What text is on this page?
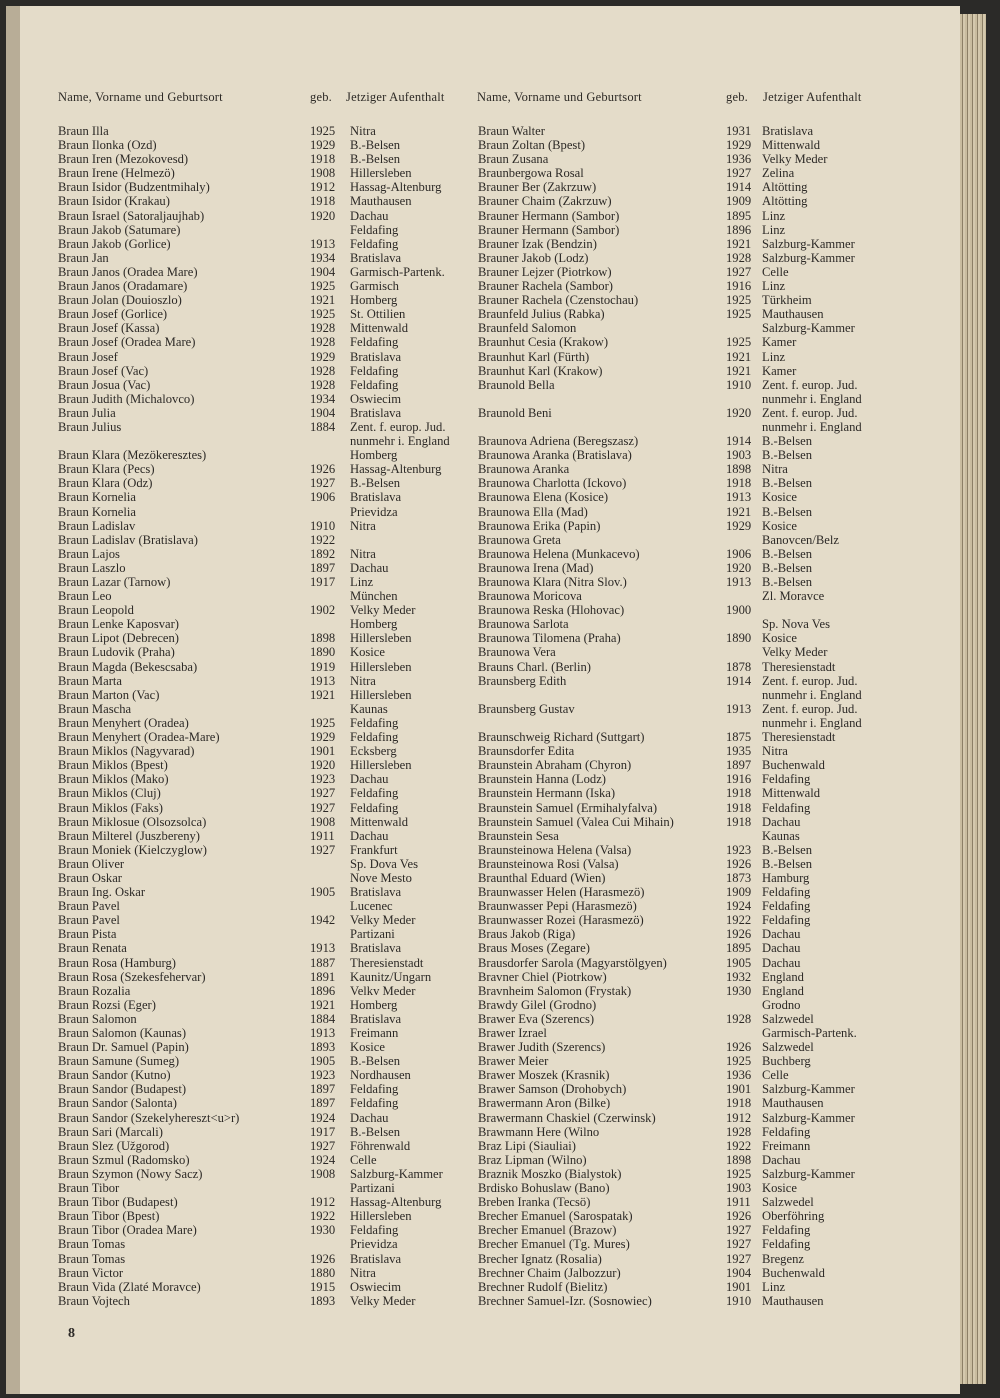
Name, Vorname und Geburtsort	geb. Jetziger Aufenthalt	Name, Vorname und Geburtsort	geb. Jetziger Aufenthalt
Braun Illa	1925 Nitra
Braun Ilonka (Ozd)	1929 B.-Belsen
Braun Iren (Mezokovesd)	1918 B.-Belsen
Braun Irene (Helmezö)	1908 Hillersleben
Braun Isidor (Budzentmihaly)	1912 Hassag-Altenburg
Braun Isidor (Krakau)	1918 Mauthausen
Braun Israel (Satoraljaujhab)	1920 Dachau
Braun Jakob (Satumare)	Feldafing
Braun Jakob (Gorlice)	1913 Feldafing
Braun Jan	1934 Bratislava
Braun Janos (Oradea Mare)	1904 Garmisch-Partenk.
Braun Janos (Oradamare)	1925 Garmisch
Braun Jolan (Douioszlo)	1921 Homberg
Braun Josef (Gorlice)	1925 St. Ottilien
Braun Josef (Kassa)	1928 Mittenwald
Braun Josef (Oradea Mare)	1928 Feldafing
Braun Josef	1929 Bratislava
Braun Josef (Vac)	1928 Feldafing
Braun Josua (Vac)	1928 Feldafing
Braun Judith (Michalovco)	1934 Oswiecim
Braun Julia	1904 Bratislava
Braun Julius	1884 Zent. f. europ. Jud.
nunmehr i. England
Braun Klara (Mezökeresztes)	Homberg
Braun Klara (Pecs)	1926 Hassag-Altenburg
Braun Klara (Odz)	1927 B.-Belsen
Braun Kornelia	1906 Bratislava
Braun Kornelia	Prievidza
Braun Ladislav	1910 Nitra
Braun Ladislav (Bratislava)	1922
Braun Lajos	1892 Nitra
Braun Laszlo	1897 Dachau
Braun Lazar (Tarnow)	1917 Linz
Braun Leo	München
Braun Leopold	1902 Velky Meder
Braun Lenke Kaposvar)	Homberg
Braun Lipot (Debrecen)	1898 Hillersleben
Braun Ludovik (Praha)	1890 Kosice
Braun Magda (Bekescsaba)	1919 Hillersleben
Braun Marta	1913 Nitra
Braun Marton (Vac)	1921 Hillersleben
Braun Mascha	Kaunas
Braun Menyhert (Oradea)	1925 Feldafing
Braun Menyhert (Oradea-Mare)	1929 Feldafing
Braun Miklos (Nagyvarad)	1901 Ecksberg
Braun Miklos (Bpest)	1920 Hillersleben
Braun Miklos (Mako)	1923 Dachau
Braun Miklos (Cluj)	1927 Feldafing
Braun Miklos (Faks)	1927 Feldafing
Braun Miklosue (Olsozsolca)	1908 Mittenwald
Braun Milterel (Juszbereny)	1911 Dachau
Braun Moniek (Kielczyglow)	1927 Frankfurt
Braun Oliver	Sp. Dova Ves
Braun Oskar	Nove Mesto
Braun Ing. Oskar	1905 Bratislava
Braun Pavel	Lucenec
Braun Pavel	1942 Velky Meder
Braun Pista	Partizani
Braun Renata	1913 Bratislava
Braun Rosa (Hamburg)	1887 Theresienstadt
Braun Rosa (Szekesfehervar)	1891 Kaunitz/Ungarn
Braun Rozalia	1896 Velkv Meder
Braun Rozsi (Eger)	1921 Homberg
Braun Salomon	1884 Bratislava
Braun Salomon (Kaunas)	1913 Freimann
Braun Dr. Samuel (Papin)	1893 Kosice
Braun Samune (Sumeg)	1905 B.-Belsen
Braun Sandor (Kutno)	1923 Nordhausen
Braun Sandor (Budapest)	1897 Feldafing
Braun Sandor (Salonta)	1897 Feldafing
Braun Sandor (Szekelyhereszt<u>r)	1924 Dachau
Braun Sari (Marcali)	1917 B.-Belsen
Braun Slez (Užgorod)	1927 Föhrenwald
Braun Szmul (Radomsko)	1924 Celle
Braun Szymon (Nowy Sacz)	1908 Salzburg-Kammer
Braun Tibor	Partizani
Braun Tibor (Budapest)	1912 Hassag-Altenburg
Braun Tibor (Bpest)	1922 Hillersleben
Braun Tibor (Oradea Mare)	1930 Feldafing
Braun Tomas	Prievidza
Braun Tomas	1926 Bratislava
Braun Victor	1880 Nitra
Braun Vida (Zlaté Moravce)	1915 Oswiecim
Braun Vojtech	1893 Velky Meder
Braun Walter	1931 Bratislava
Braun Zoltan (Bpest)	1929 Mittenwald
Braun Zusana	1936 Velky Meder
Braunbergowa Rosal	1927 Zelina
Brauner Ber (Zakrzuw)	1914 Altötting
Brauner Chaim (Zakrzuw)	1909 Altötting
Brauner Hermann (Sambor)	1895 Linz
Brauner Hermann (Sambor)	1896 Linz
Brauner Izak (Bendzin)	1921 Salzburg-Kammer
Brauner Jakob (Lodz)	1928 Salzburg-Kammer
Brauner Lejzer (Piotrkow)	1927 Celle
Brauner Rachela (Sambor)	1916 Linz
Brauner Rachela (Czenstochau)	1925 Türkheim
Braunfeld Julius (Rabka)	1925 Mauthausen
Braunfeld Salomon	Salzburg-Kammer
Braunhut Cesia (Krakow)	1925 Kamer
Braunhut Karl (Fürth)	1921 Linz
Braunhut Karl (Krakow)	1921 Kamer
Braunold Bella	1910 Zent. f. europ. Jud.
nunmehr i. England
Braunold Beni	1920 Zent. f. europ. Jud.
nunmehr i. England
Braunova Adriena (Beregszasz)	1914 B.-Belsen
Braunowa Aranka (Bratislava)	1903 B.-Belsen
Braunowa Aranka	1898 Nitra
Braunowa Charlotta (Ickovo)	1918 B.-Belsen
Braunowa Elena (Kosice)	1913 Kosice
Braunowa Ella (Mad)	1921 B.-Belsen
Braunowa Erika (Papin)	1929 Kosice
Braunowa Greta	Banovcen/Belz
Braunowa Helena (Munkacevo)	1906 B.-Belsen
Braunowa Irena (Mad)	1920 B.-Belsen
Braunowa Klara (Nitra Slov.)	1913 B.-Belsen
Braunowa Moricova	Zl. Moravce
Braunowa Reska (Hlohovac)	1900
Braunowa Sarlota	Sp. Nova Ves
Braunowa Tilomena (Praha)	1890 Kosice
Braunowa Vera	Velky Meder
Brauns Charl. (Berlin)	1878 Theresienstadt
Braunsberg Edith	1914 Zent. f. europ. Jud.
nunmehr i. England
Braunsberg Gustav	1913 Zent. f. europ. Jud.
nunmehr i. England
Braunschweig Richard (Suttgart)	1875 Theresienstadt
Braunsdorfer Edita	1935 Nitra
Braunstein Abraham (Chyron)	1897 Buchenwald
Braunstein Hanna (Lodz)	1916 Feldafing
Braunstein Hermann (Iska)	1918 Mittenwald
Braunstein Samuel (Ermihalyfalva)	1918 Feldafing
Braunstein Samuel (Valea Cui Mihain)	1918 Dachau
Braunstein Sesa	Kaunas
Braunsteinowa Helena (Valsa)	1923 B.-Belsen
Braunsteinowa Rosi (Valsa)	1926 B.-Belsen
Braunthal Eduard (Wien)	1873 Hamburg
Braunwasser Helen (Harasmezö)	1909 Feldafing
Braunwasser Pepi (Harasmezö)	1924 Feldafing
Braunwasser Rozei (Harasmezö)	1922 Feldafing
Braus Jakob (Riga)	1926 Dachau
Braus Moses (Zegare)	1895 Dachau
Brausdorfer Sarola (Magyarstölgyen)	1905 Dachau
Bravner Chiel (Piotrkow)	1932 England
Bravnheim Salomon (Frystak)	1930 England
Brawdy Gilel (Grodno)	Grodno
Brawer Eva (Szerencs)	1928 Salzwedel
Brawer Izrael	Garmisch-Partenk.
Brawer Judith (Szerencs)	1926 Salzwedel
Brawer Meier	1925 Buchberg
Brawer Moszek (Krasnik)	1936 Celle
Brawer Samson (Drohobych)	1901 Salzburg-Kammer
Brawermann Aron (Bilke)	1918 Mauthausen
Brawermann Chaskiel (Czerwinsk)	1912 Salzburg-Kammer
Brawmann Here (Wilno	1928 Feldafing
Braz Lipi (Siauliai)	1922 Freimann
Braz Lipman (Wilno)	1898 Dachau
Braznik Moszko (Bialystok)	1925 Salzburg-Kammer
Brdisko Bohuslaw (Bano)	1903 Kosice
Breben Iranka (Tecsö)	1911 Salzwedel
Brecher Emanuel (Sarospatak)	1926 Oberföhring
Brecher Emanuel (Brazow)	1927 Feldafing
Brecher Emanuel (Tg. Mures)	1927 Feldafing
Brecher Ignatz (Rosalia)	1927 Bregenz
Brechner Chaim (Jalbozzur)	1904 Buchenwald
Brechner Rudolf (Bielitz)	1901 Linz
Brechner Samuel-Izr. (Sosnowiec)	1910 Mauthausen
8
